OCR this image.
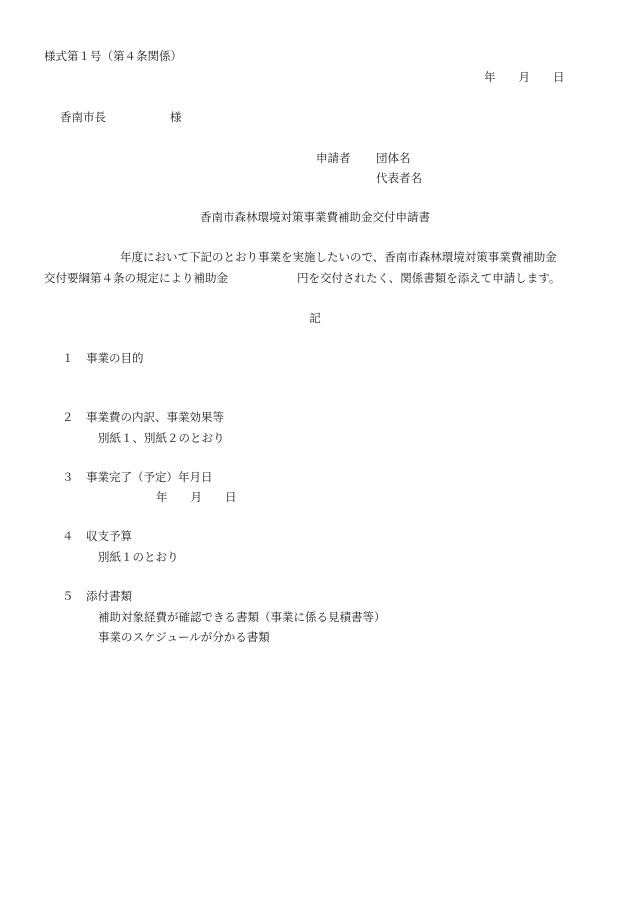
様式第１号（第４条関係）
年　　月　　日
香南市長	様
申請者 団体名
代表者名
香南市森林環境対策事業費補助金交付申請書
年度において下記のとおり事業を実施したいので、香南市森林環境対策事業費補助金
交付要綱第４条の規定により補助金　　　　　　円を交付されたく、関係書類を添えて申請します。
記
１ 事業の目的
２ 事業費の内訳、事業効果等
別紙１、別紙２のとおり
３ 事業完了（予定）年月日
年　　月　　日
４ 収支予算
別紙１のとおり
５ 添付書類
補助対象経費が確認できる書類（事業に係る見積書等）
事業のスケジュールが分かる書類
